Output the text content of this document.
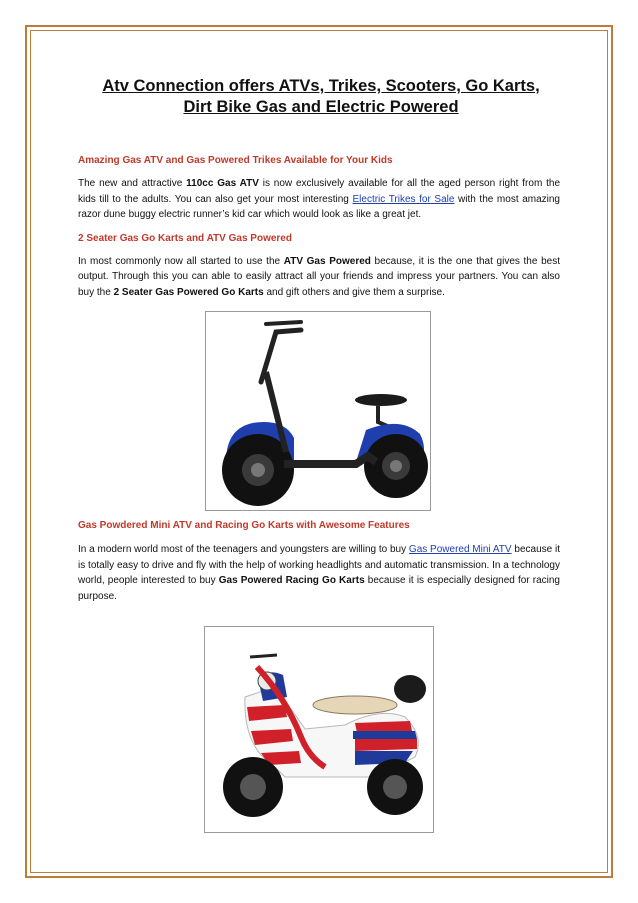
Atv Connection offers ATVs, Trikes, Scooters, Go Karts,

Dirt Bike Gas and Electric Powered

Amazing Gas ATV and Gas Powered Trikes Available for Your Kids

The new and attractive 110cc Gas ATV is now exclusively available for all the aged person right from the kids till to the adults. You can also get your most interesting Electric Trikes for Sale with the most amazing razor dune buggy electric runner’s kid car which would look as like a great jet.

2 Seater Gas Go Karts and ATV Gas Powered

In most commonly now all started to use the ATV Gas Powered because, it is the one that gives the best output. Through this you can able to easily attract all your friends and impress your partners. You can also buy the 2 Seater Gas Powered Go Karts and gift others and give them a surprise.

Gas Powdered Mini ATV and Racing Go Karts with Awesome Features

In a modern world most of the teenagers and youngsters are willing to buy Gas Powered Mini ATV because it is totally easy to drive and fly with the help of working headlights and automatic transmission. In a technology world, people interested to buy Gas Powered Racing Go Karts because it is especially designed for racing purpose.
